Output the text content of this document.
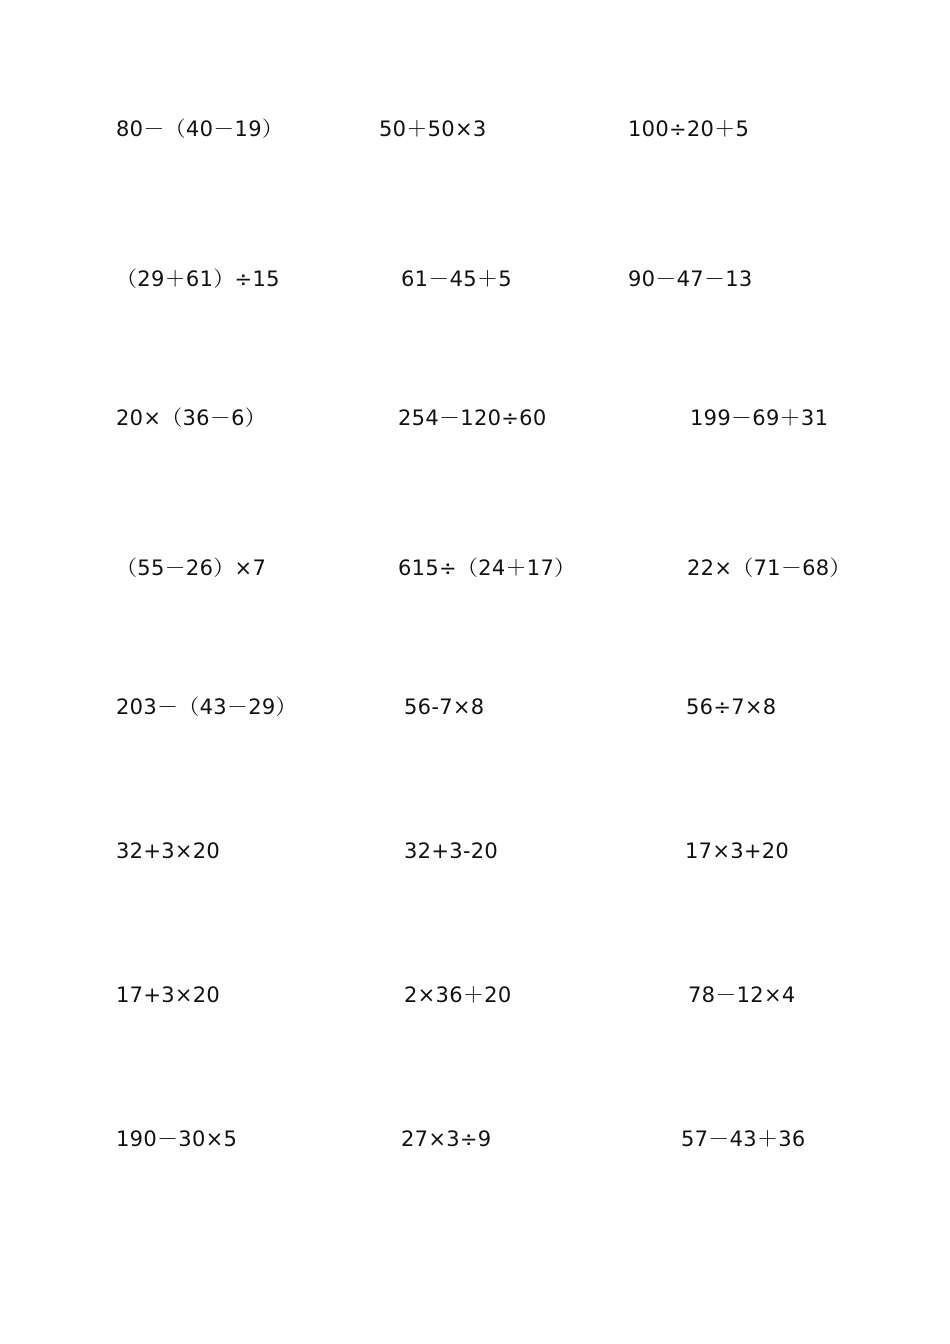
80－（40－19）	50＋50×3	100÷20＋5
（29＋61）÷15	61－45＋5	90－47－13
20×（36－6）	254－120÷60	199－69＋31
（55－26）×7	615÷（24＋17）	22×（71－68）
203－（43－29）	56-7×8	56÷7×8
32+3×20	32+3-20	17×3+20
17+3×20	2×36＋20	78－12×4
190－30×5	27×3÷9	57－43＋36
